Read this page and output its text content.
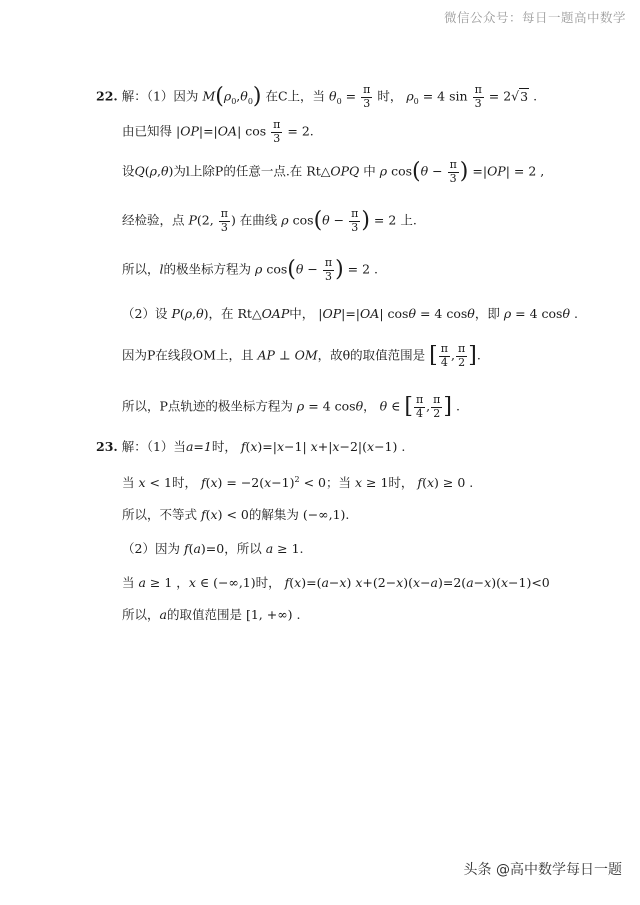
微信公众号：每日一题高中数学
22. 解：（1）因为 $M(\rho_0,\theta_0)$ 在C上，当 $\theta_0 = \frac{\pi}{3}$ 时， $\rho_0 = 4$ $\sin \frac{\pi}{3} = 2√3$ .
由已知得 |OP|=|OA| $\cos \frac{\pi}{3} = 2$.
设Q(ρ,θ)为l上除P的任意一点.在 Rt△OPQ 中 ρ $\cos(\theta - \frac{\pi}{3}$ ) =|OP| = 2 ,
经检验，点 P(2, $\frac{\pi}{3}$ ) 在曲线 ρ $\cos(\theta - \frac{\pi}{3}$ ) = 2 上.
所以，l的极坐标方程为 ρ $\cos(\theta - \frac{\pi}{3}$ ) = 2 .
（2）设 P(ρ,θ)，在 Rt△OAP中， |OP|=|OA| cosθ = 4 cosθ，即 ρ = 4 cosθ .
因为P在线段OM上，且 AP ⊥ OM，故θ的取值范围是 [ $\frac{\pi}{4}$ , $\frac{\pi}{2}$ ].
所以，P点轨迹的极坐标方程为 ρ = 4 cosθ， θ ∈ [ $\frac{\pi}{4}$ , $\frac{\pi}{2}$ ] .
23. 解：（1）当a=1时， f(x)=|x−1| x+|x−2|(x−1) .
当 x < 1时， $f(x) = -2(x-1)^2 < 0$；当 x ≥ 1时， f(x) ≥ 0 .
所以，不等式 f(x) < 0的解集为 (−∞,1).
（2）因为 f(a)=0，所以 a ≥ 1.
当 a ≥ 1 ，x ∈ (−∞,1)时， f(x)=(a−x) x+(2−x)(x−a)=2(a−x)(x−1)<0
所以，a的取值范围是 [1, +∞) .
头条 @高中数学每日一题
